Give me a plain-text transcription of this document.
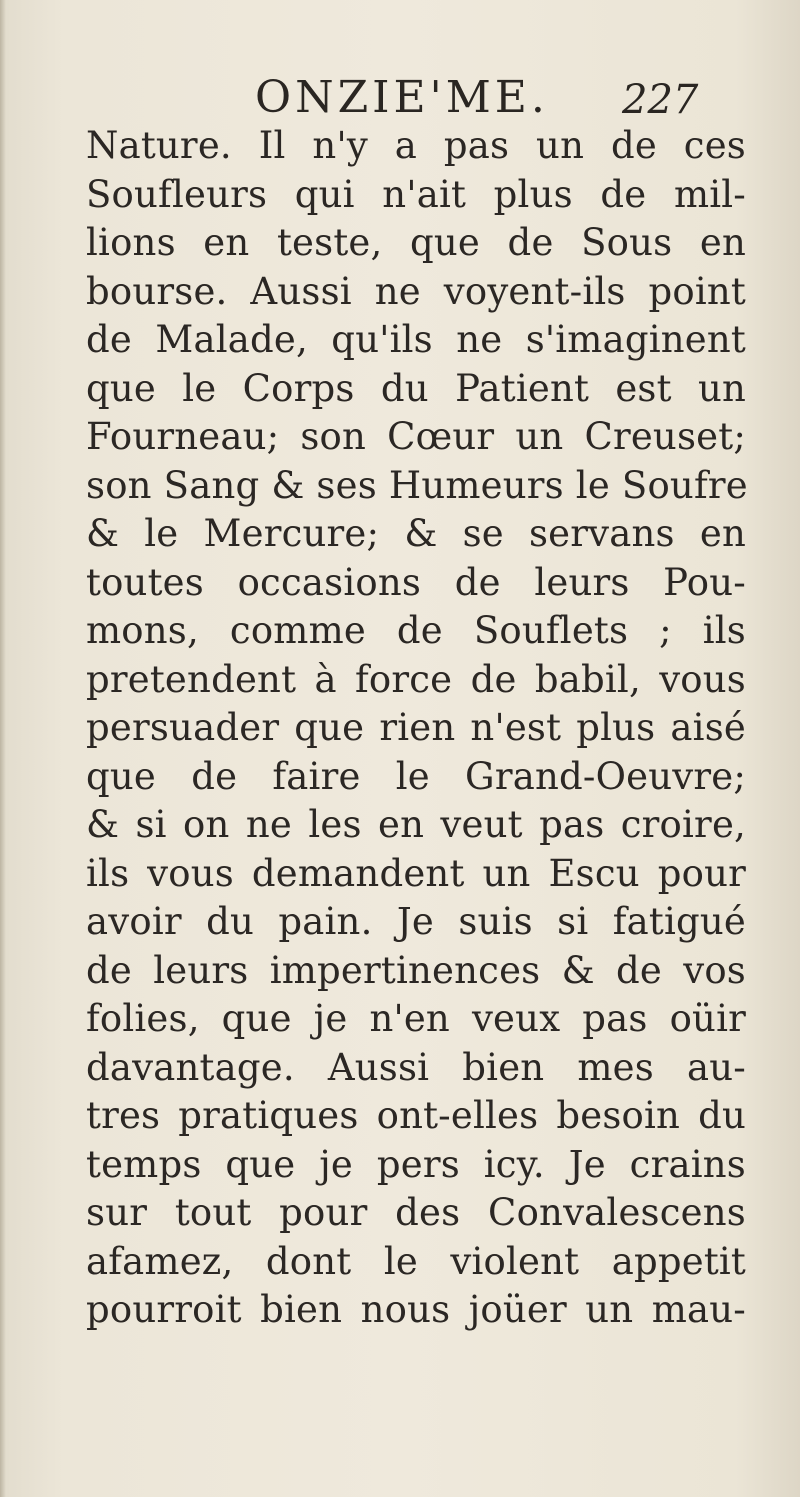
ONZIE'ME. 227
Nature. Il n'y a pas un de ces
Soufleurs qui n'ait plus de mil-
lions en teste, que de Sous en
bourse. Aussi ne voyent-ils point
de Malade, qu'ils ne s'imaginent
que le Corps du Patient est un
Fourneau; son Cœur un Creuset;
son Sang & ses Humeurs le Soufre
& le Mercure; & se servans en
toutes occasions de leurs Pou-
mons, comme de Souflets ; ils
pretendent à force de babil, vous
persuader que rien n'est plus aisé
que de faire le Grand-Oeuvre;
& si on ne les en veut pas croire,
ils vous demandent un Escu pour
avoir du pain. Je suis si fatigué
de leurs impertinences & de vos
folies, que je n'en veux pas oüir
davantage. Aussi bien mes au-
tres pratiques ont-elles besoin du
temps que je pers icy. Je crains
sur tout pour des Convalescens
afamez, dont le violent appetit
pourroit bien nous joüer un mau-
